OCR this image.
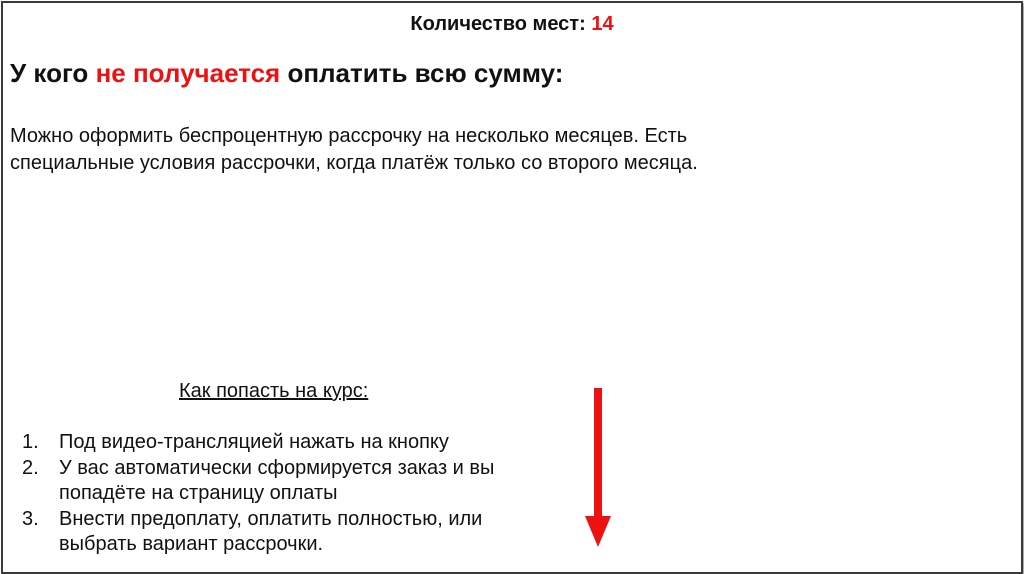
Количество мест: 14
У кого не получается оплатить всю сумму:
Можно оформить беспроцентную рассрочку на несколько месяцев. Есть специальные условия рассрочки, когда платёж только со второго месяца.
Как попасть на курс:
1.	Под видео-трансляцией нажать на кнопку
2.	У вас автоматически сформируется заказ и вы попадёте на страницу оплаты
3.	Внести предоплату, оплатить полностью, или выбрать вариант рассрочки.
